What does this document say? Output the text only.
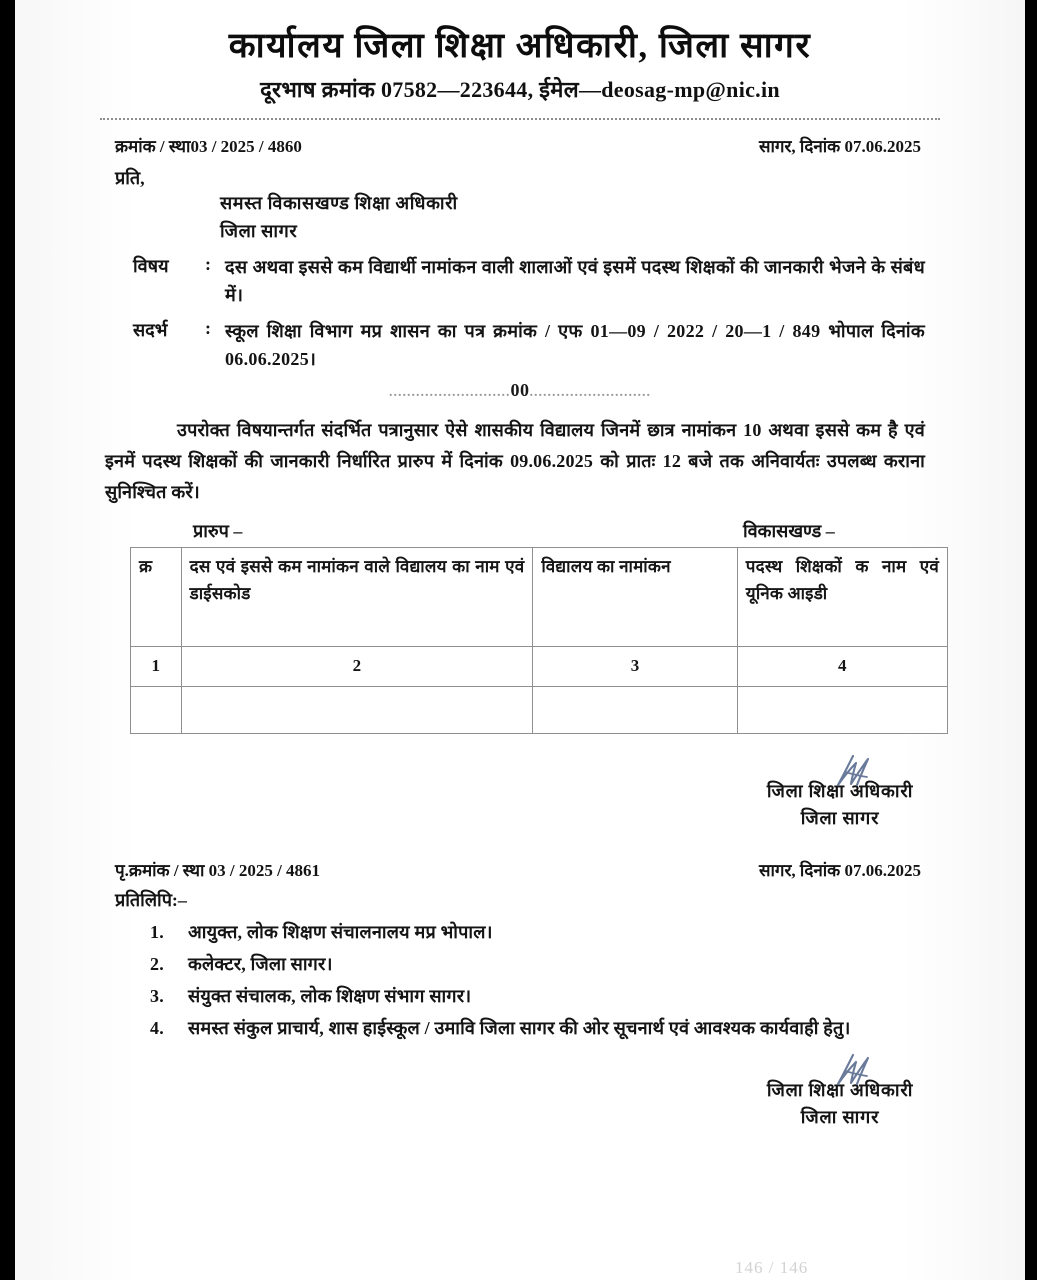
कार्यालय जिला शिक्षा अधिकारी, जिला सागर
दूरभाष क्रमांक 07582—223644, ईमेल—deosag-mp@nic.in
क्रमांक / स्था03 / 2025 / 4860	सागर, दिनांक 07.06.2025
प्रति,
समस्त विकासखण्ड शिक्षा अधिकारी
जिला सागर
विषय	: दस अथवा इससे कम विद्यार्थी नामांकन वाली शालाओं एवं इसमें पदस्थ शिक्षकों की जानकारी भेजने के संबंध में।
सदर्भ	: स्कूल शिक्षा विभाग मप्र शासन का पत्र क्रमांक / एफ 01—09 / 2022 / 20—1 / 849 भोपाल दिनांक 06.06.2025।
...........................00...........................
उपरोक्त विषयान्तर्गत संदर्भित पत्रानुसार ऐसे शासकीय विद्यालय जिनमें छात्र नामांकन 10 अथवा इससे कम है एवं इनमें पदस्थ शिक्षकों की जानकारी निर्धारित प्रारुप में दिनांक 09.06.2025 को प्रातः 12 बजे तक अनिवार्यतः उपलब्ध कराना सुनिश्चित करें।
प्रारुप –	विकासखण्ड –
क्र	दस एवं इससे कम नामांकन वाले विद्यालय का नाम एवं डाईसकोड	विद्यालय का नामांकन	पदस्थ शिक्षकों क नाम एवं यूनिक आइडी
1	2	3	4

जिला शिक्षा अधिकारी
जिला सागर
पृ.क्रमांक / स्था 03 / 2025 / 4861	सागर, दिनांक 07.06.2025
प्रतिलिपि:–
1. आयुक्त, लोक शिक्षण संचालनालय मप्र भोपाल।
2. कलेक्टर, जिला सागर।
3. संयुक्त संचालक, लोक शिक्षण संभाग सागर।
4. समस्त संकुल प्राचार्य, शास हाईस्कूल / उमावि जिला सागर की ओर सूचनार्थ एवं आवश्यक कार्यवाही हेतु।
जिला शिक्षा अधिकारी
जिला सागर
146 / 146
